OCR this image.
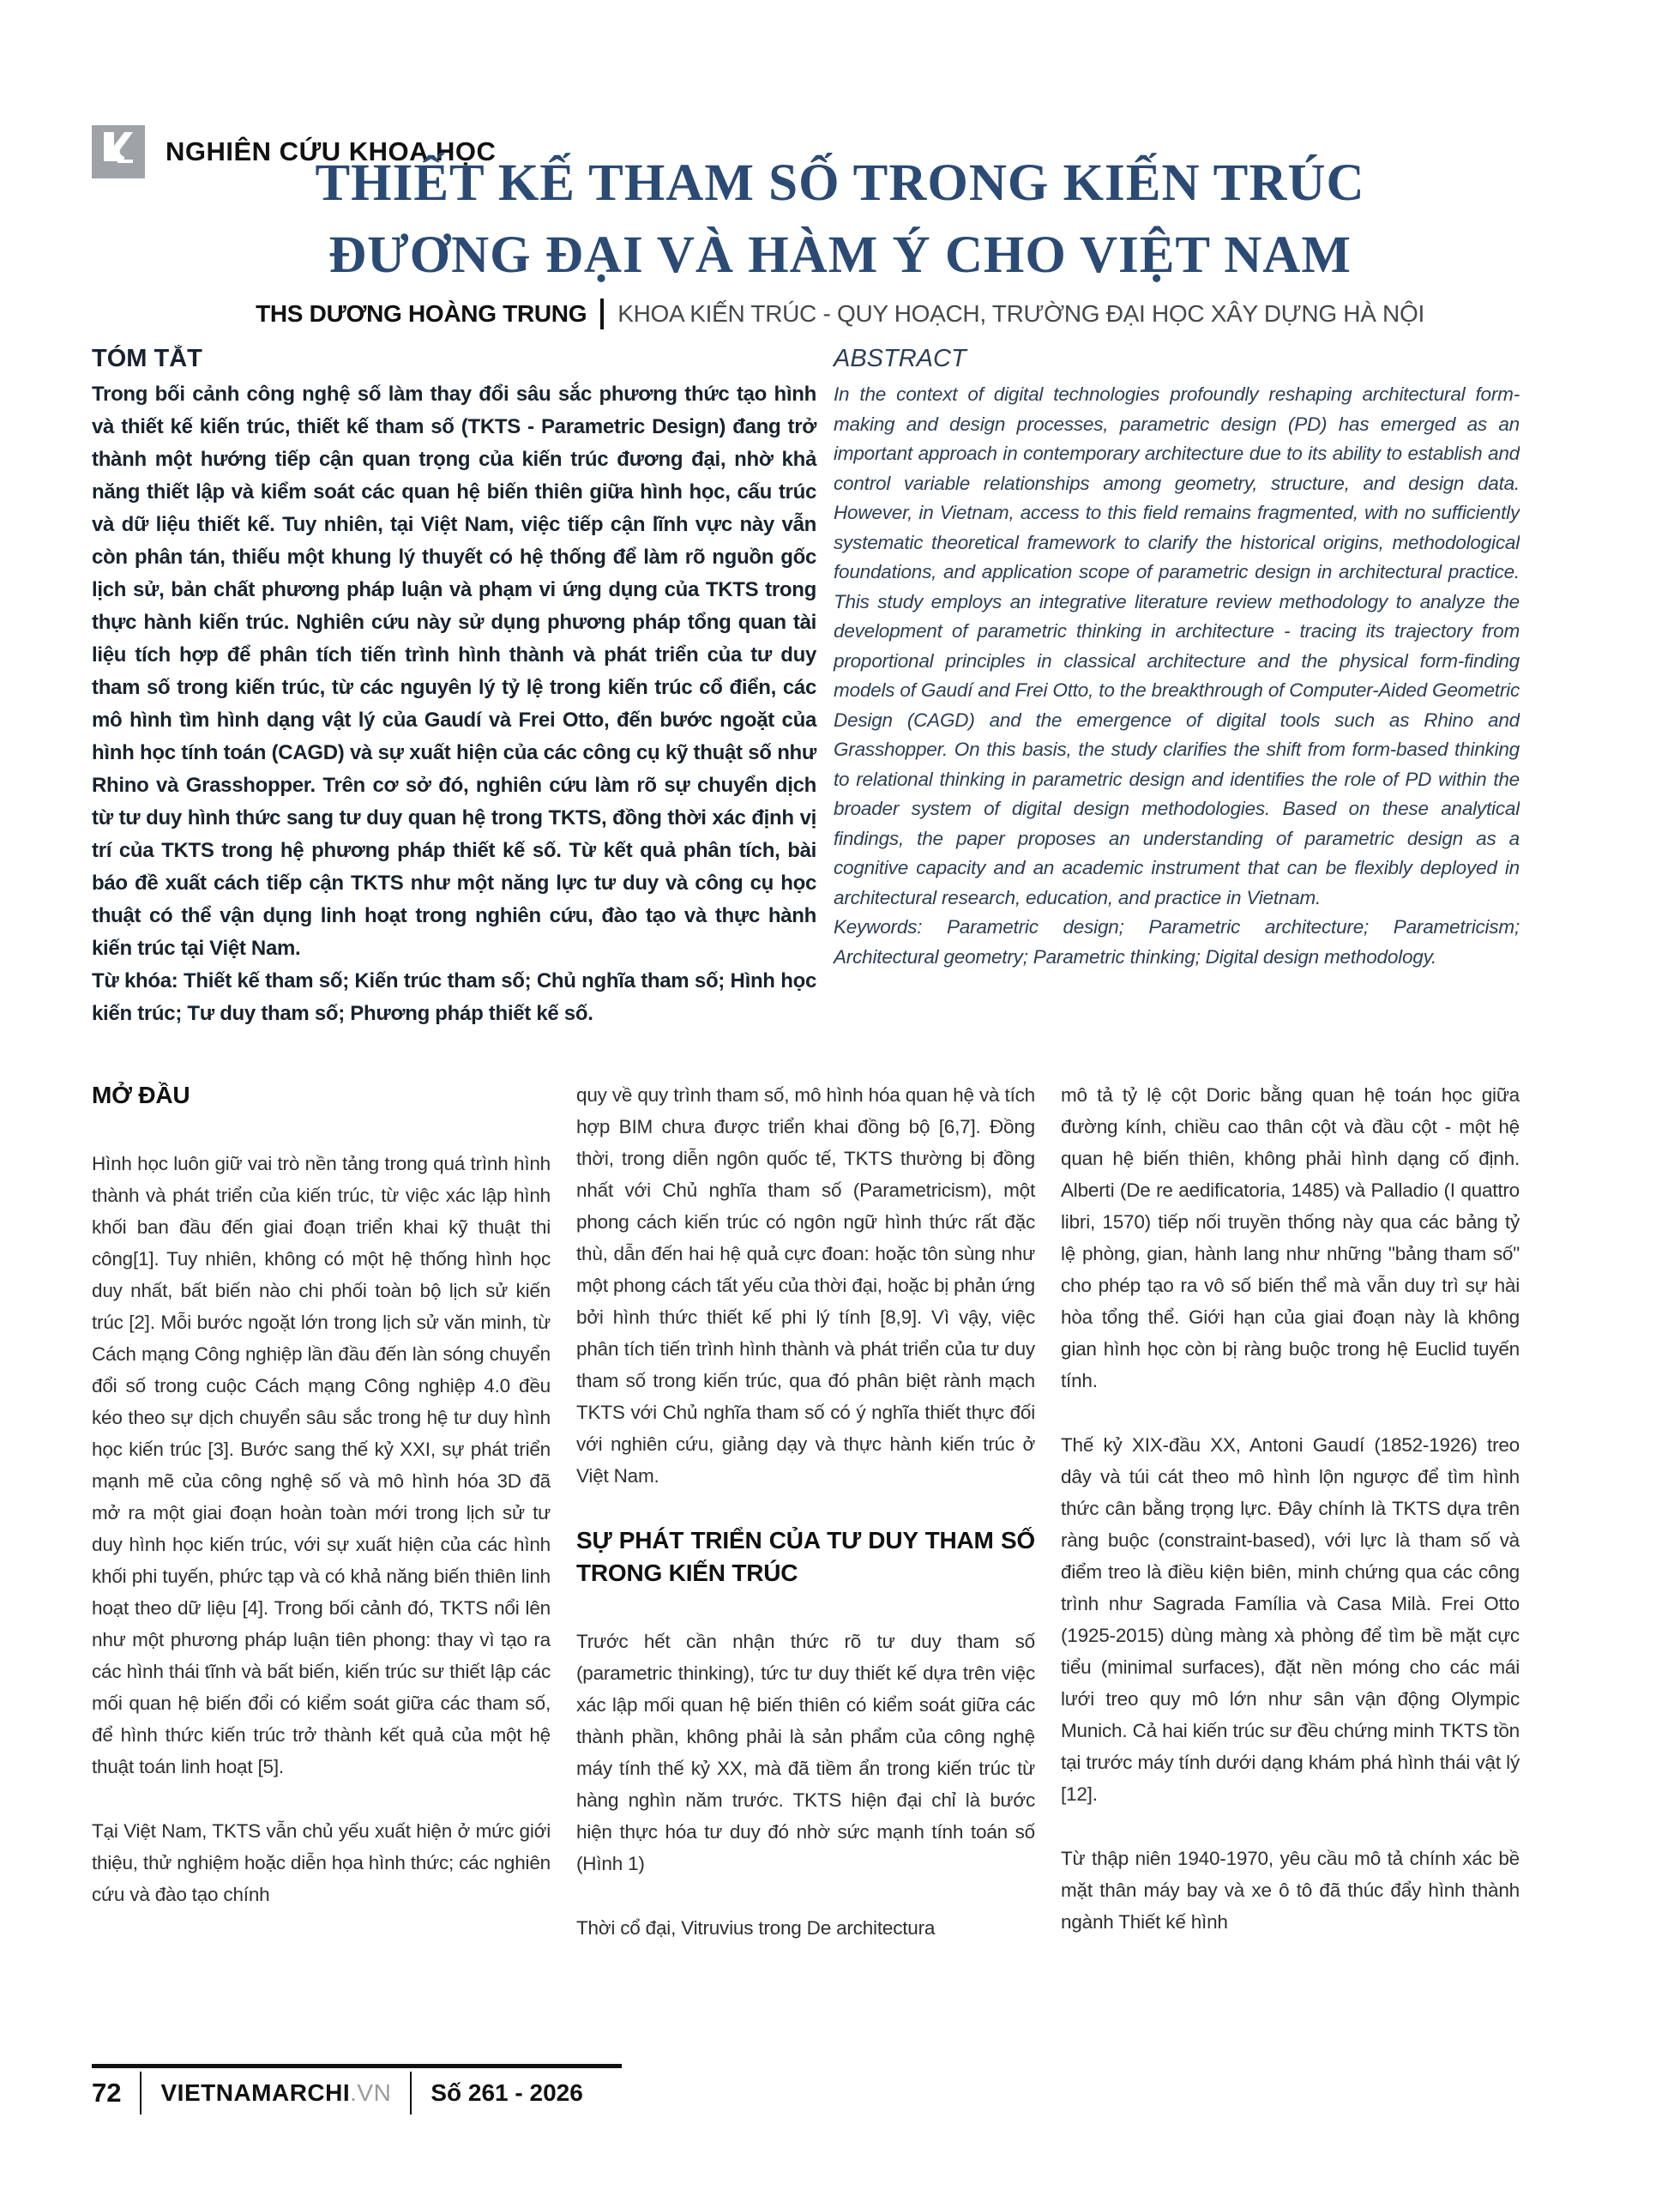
NGHIÊN CỨU KHOA HỌC
THIẾT KẾ THAM SỐ TRONG KIẾN TRÚC
ĐƯƠNG ĐẠI VÀ HÀM Ý CHO VIỆT NAM
THS DƯƠNG HOÀNG TRUNG KHOA KIẾN TRÚC - QUY HOẠCH, TRƯỜNG ĐẠI HỌC XÂY DỰNG HÀ NỘI
TÓM TẮT

Trong bối cảnh công nghệ số làm thay đổi sâu sắc phương thức tạo hình và thiết kế kiến trúc, thiết kế tham số (TKTS - Parametric Design) đang trở thành một hướng tiếp cận quan trọng của kiến trúc đương đại, nhờ khả năng thiết lập và kiểm soát các quan hệ biến thiên giữa hình học, cấu trúc và dữ liệu thiết kế. Tuy nhiên, tại Việt Nam, việc tiếp cận lĩnh vực này vẫn còn phân tán, thiếu một khung lý thuyết có hệ thống để làm rõ nguồn gốc lịch sử, bản chất phương pháp luận và phạm vi ứng dụng của TKTS trong thực hành kiến trúc. Nghiên cứu này sử dụng phương pháp tổng quan tài liệu tích hợp để phân tích tiến trình hình thành và phát triển của tư duy tham số trong kiến trúc, từ các nguyên lý tỷ lệ trong kiến trúc cổ điển, các mô hình tìm hình dạng vật lý của Gaudí và Frei Otto, đến bước ngoặt của hình học tính toán (CAGD) và sự xuất hiện của các công cụ kỹ thuật số như Rhino và Grasshopper. Trên cơ sở đó, nghiên cứu làm rõ sự chuyển dịch từ tư duy hình thức sang tư duy quan hệ trong TKTS, đồng thời xác định vị trí của TKTS trong hệ phương pháp thiết kế số. Từ kết quả phân tích, bài báo đề xuất cách tiếp cận TKTS như một năng lực tư duy và công cụ học thuật có thể vận dụng linh hoạt trong nghiên cứu, đào tạo và thực hành kiến trúc tại Việt Nam.

Từ khóa: Thiết kế tham số; Kiến trúc tham số; Chủ nghĩa tham số; Hình học kiến trúc; Tư duy tham số; Phương pháp thiết kế số.

ABSTRACT

In the context of digital technologies profoundly reshaping architectural form-making and design processes, parametric design (PD) has emerged as an important approach in contemporary architecture due to its ability to establish and control variable relationships among geometry, structure, and design data. However, in Vietnam, access to this field remains fragmented, with no sufficiently systematic theoretical framework to clarify the historical origins, methodological foundations, and application scope of parametric design in architectural practice. This study employs an integrative literature review methodology to analyze the development of parametric thinking in architecture - tracing its trajectory from proportional principles in classical architecture and the physical form-finding models of Gaudí and Frei Otto, to the breakthrough of Computer-Aided Geometric Design (CAGD) and the emergence of digital tools such as Rhino and Grasshopper. On this basis, the study clarifies the shift from form-based thinking to relational thinking in parametric design and identifies the role of PD within the broader system of digital design methodologies. Based on these analytical findings, the paper proposes an understanding of parametric design as a cognitive capacity and an academic instrument that can be flexibly deployed in architectural research, education, and practice in Vietnam.

Keywords: Parametric design; Parametric architecture; Parametricism; Architectural geometry; Parametric thinking; Digital design methodology.

MỞ ĐẦU

Hình học luôn giữ vai trò nền tảng trong quá trình hình thành và phát triển của kiến trúc, từ việc xác lập hình khối ban đầu đến giai đoạn triển khai kỹ thuật thi công[1]. Tuy nhiên, không có một hệ thống hình học duy nhất, bất biến nào chi phối toàn bộ lịch sử kiến trúc [2]. Mỗi bước ngoặt lớn trong lịch sử văn minh, từ Cách mạng Công nghiệp lần đầu đến làn sóng chuyển đổi số trong cuộc Cách mạng Công nghiệp 4.0 đều kéo theo sự dịch chuyển sâu sắc trong hệ tư duy hình học kiến trúc [3]. Bước sang thế kỷ XXI, sự phát triển mạnh mẽ của công nghệ số và mô hình hóa 3D đã mở ra một giai đoạn hoàn toàn mới trong lịch sử tư duy hình học kiến trúc, với sự xuất hiện của các hình khối phi tuyến, phức tạp và có khả năng biến thiên linh hoạt theo dữ liệu [4]. Trong bối cảnh đó, TKTS nổi lên như một phương pháp luận tiên phong: thay vì tạo ra các hình thái tĩnh và bất biến, kiến trúc sư thiết lập các mối quan hệ biến đổi có kiểm soát giữa các tham số, để hình thức kiến trúc trở thành kết quả của một hệ thuật toán linh hoạt [5].

Tại Việt Nam, TKTS vẫn chủ yếu xuất hiện ở mức giới thiệu, thử nghiệm hoặc diễn họa hình thức; các nghiên cứu và đào tạo chính

quy về quy trình tham số, mô hình hóa quan hệ và tích hợp BIM chưa được triển khai đồng bộ [6,7]. Đồng thời, trong diễn ngôn quốc tế, TKTS thường bị đồng nhất với Chủ nghĩa tham số (Parametricism), một phong cách kiến trúc có ngôn ngữ hình thức rất đặc thù, dẫn đến hai hệ quả cực đoan: hoặc tôn sùng như một phong cách tất yếu của thời đại, hoặc bị phản ứng bởi hình thức thiết kế phi lý tính [8,9]. Vì vậy, việc phân tích tiến trình hình thành và phát triển của tư duy tham số trong kiến trúc, qua đó phân biệt rành mạch TKTS với Chủ nghĩa tham số có ý nghĩa thiết thực đối với nghiên cứu, giảng dạy và thực hành kiến trúc ở Việt Nam.

SỰ PHÁT TRIỂN CỦA TƯ DUY THAM SỐ TRONG KIẾN TRÚC

Trước hết cần nhận thức rõ tư duy tham số (parametric thinking), tức tư duy thiết kế dựa trên việc xác lập mối quan hệ biến thiên có kiểm soát giữa các thành phần, không phải là sản phẩm của công nghệ máy tính thế kỷ XX, mà đã tiềm ẩn trong kiến trúc từ hàng nghìn năm trước. TKTS hiện đại chỉ là bước hiện thực hóa tư duy đó nhờ sức mạnh tính toán số (Hình 1)

Thời cổ đại, Vitruvius trong De architectura

mô tả tỷ lệ cột Doric bằng quan hệ toán học giữa đường kính, chiều cao thân cột và đầu cột - một hệ quan hệ biến thiên, không phải hình dạng cố định. Alberti (De re aedificatoria, 1485) và Palladio (I quattro libri, 1570) tiếp nối truyền thống này qua các bảng tỷ lệ phòng, gian, hành lang như những "bảng tham số" cho phép tạo ra vô số biến thể mà vẫn duy trì sự hài hòa tổng thể. Giới hạn của giai đoạn này là không gian hình học còn bị ràng buộc trong hệ Euclid tuyến tính.

Thế kỷ XIX-đầu XX, Antoni Gaudí (1852-1926) treo dây và túi cát theo mô hình lộn ngược để tìm hình thức cân bằng trọng lực. Đây chính là TKTS dựa trên ràng buộc (constraint-based), với lực là tham số và điểm treo là điều kiện biên, minh chứng qua các công trình như Sagrada Família và Casa Milà. Frei Otto (1925-2015) dùng màng xà phòng để tìm bề mặt cực tiểu (minimal surfaces), đặt nền móng cho các mái lưới treo quy mô lớn như sân vận động Olympic Munich. Cả hai kiến trúc sư đều chứng minh TKTS tồn tại trước máy tính dưới dạng khám phá hình thái vật lý [12].

Từ thập niên 1940-1970, yêu cầu mô tả chính xác bề mặt thân máy bay và xe ô tô đã thúc đẩy hình thành ngành Thiết kế hình

72	VIETNAMARCHI.VN	Số 261 - 2026
